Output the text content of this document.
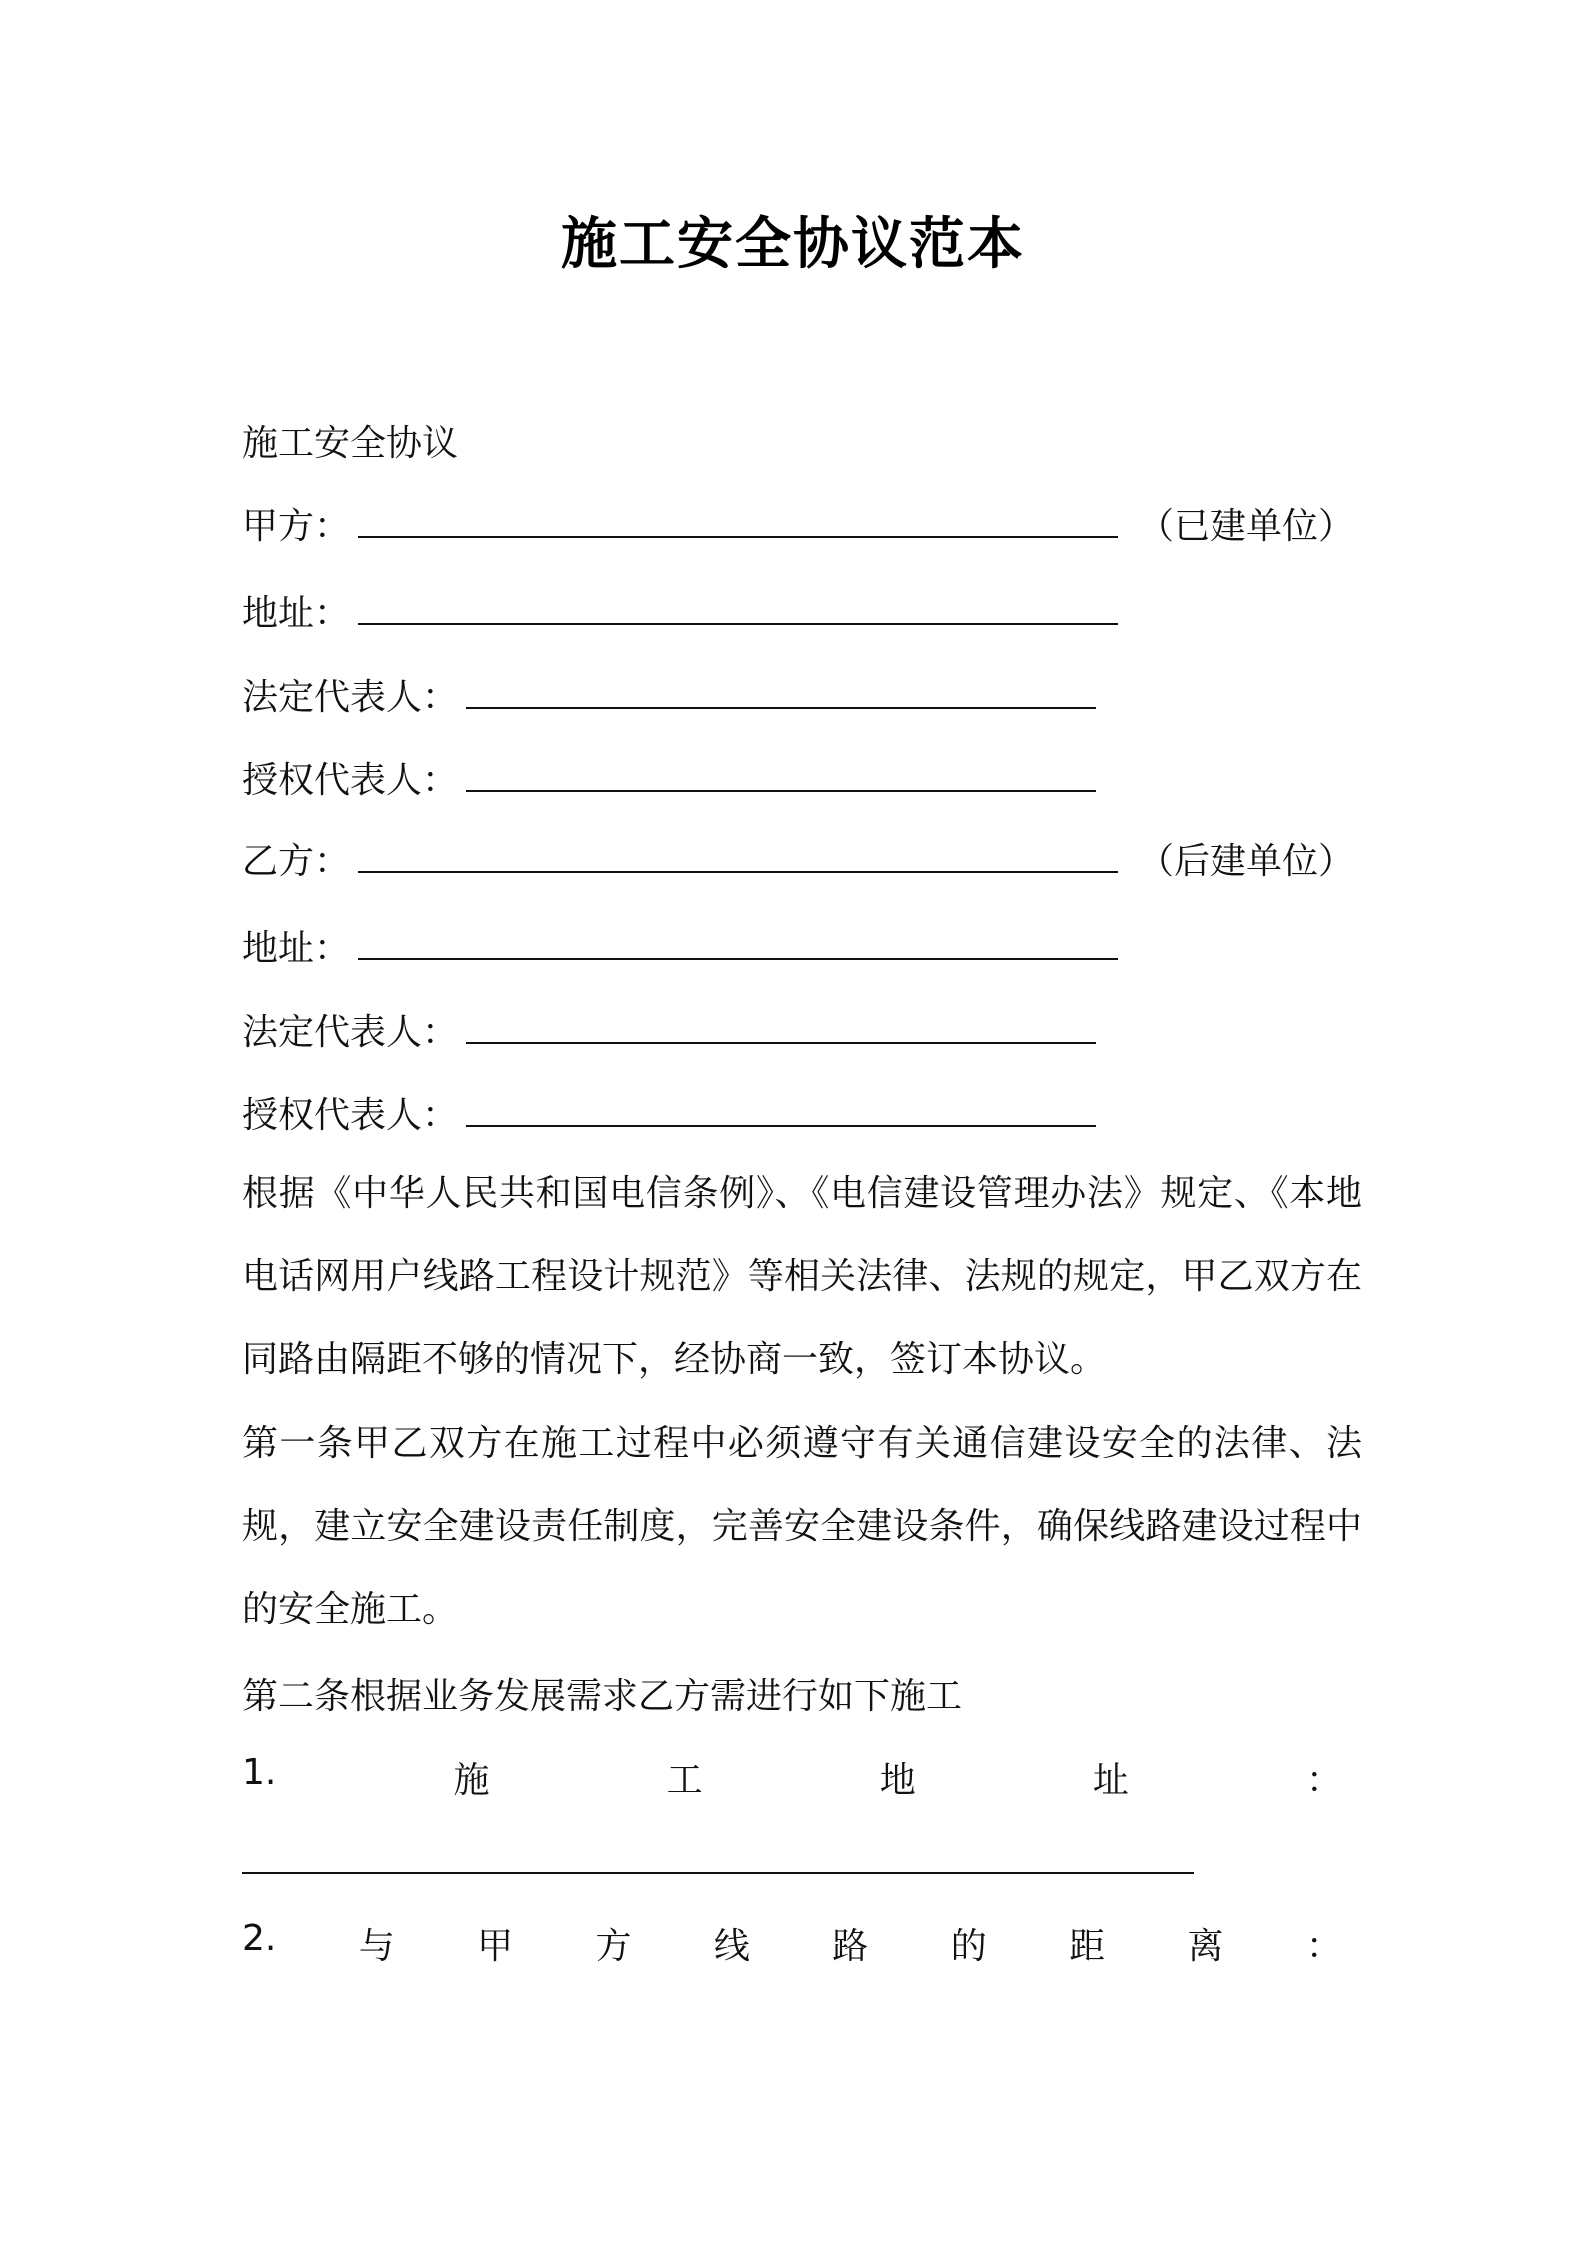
施工安全协议范本
施工安全协议
甲方：	（已建单位）
地址：
法定代表人：
授权代表人：
乙方：	（后建单位）
地址：
法定代表人：
授权代表人：
根据《中华人民共和国电信条例》、《电信建设管理办法》规定、《本地电话网用户线路工程设计规范》等相关法律、法规的规定，甲乙双方在同路由隔距不够的情况下，经协商一致，签订本协议。
第一条甲乙双方在施工过程中必须遵守有关通信建设安全的法律、法规，建立安全建设责任制度，完善安全建设条件，确保线路建设过程中的安全施工。
第二条根据业务发展需求乙方需进行如下施工
1.	施	工	地	址	：
2. 与 甲 方 线 路 的 距 离 ：
